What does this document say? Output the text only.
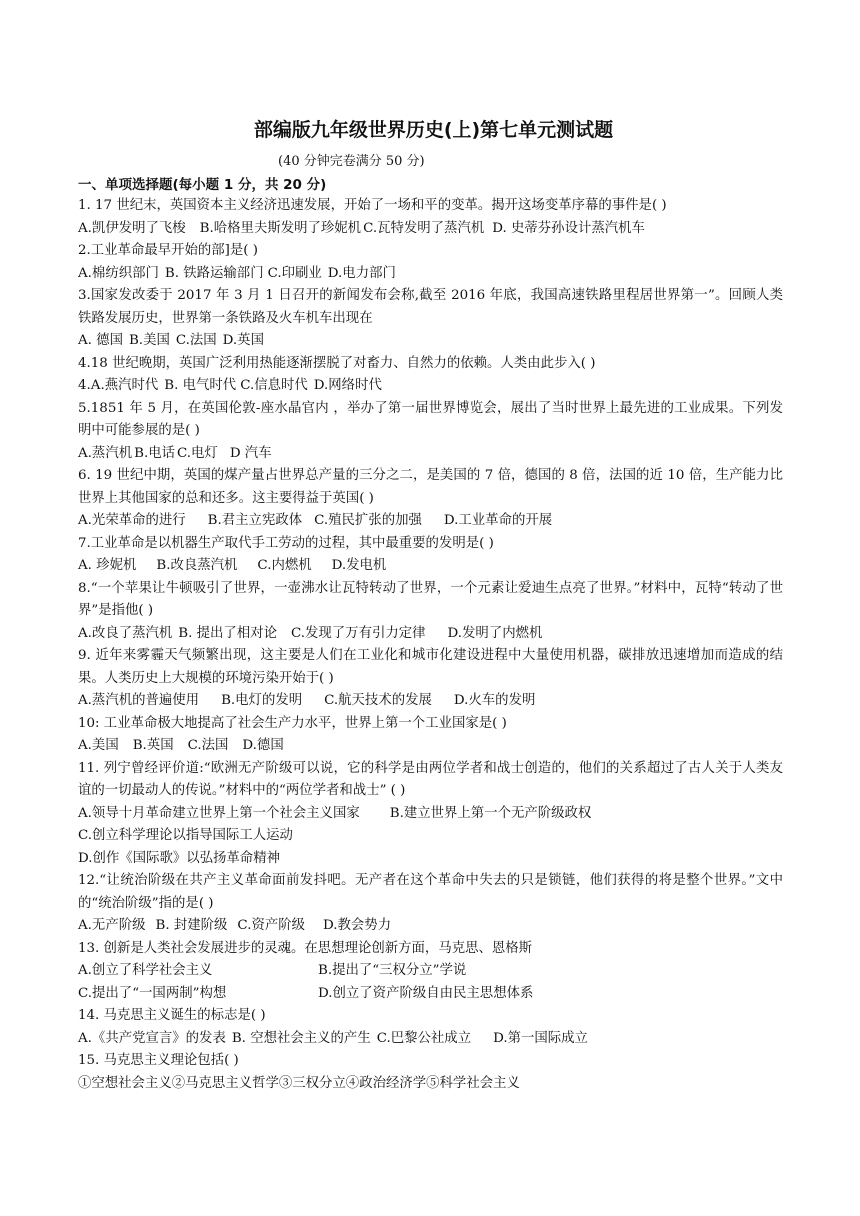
部编版九年级世界历史(上)第七单元测试题
(40 分钟完卷满分 50 分)
一、单项选择题(每小题 1 分，共 20 分)
1. 17 世纪末，英国资本主义经济迅速发展，开始了一场和平的变革。揭开这场变革序幕的事件是( )
A.凯伊发明了飞梭 B.哈格里夫斯发明了珍妮机 C.瓦特发明了蒸汽机 D. 史蒂芬孙设计蒸汽机车
2.工业革命最早开始的部]是( )
A.棉纺织部门 B. 铁路运输部门 C.印刷业 D.电力部门
3.国家发改委于 2017 年 3 月 1 日召开的新闻发布会称,截至 2016 年底，我国高速铁路里程居世界第一”。回顾人类铁路发展历史，世界第一条铁路及火车机车出现在
A. 德国 B.美国 C.法国 D.英国
4.18 世纪晚期，英国广泛利用热能逐渐摆脱了对畜力、自然力的依赖。人类由此步入( )
4.A.燕汽时代 B. 电气时代 C.信息时代 D.网络时代
5.1851 年 5 月，在英国伦敦-座水晶官内 ，举办了第一届世界博览会，展出了当时世界上最先进的工业成果。下列发明中可能参展的是( )
A.蒸汽机 B.电话 C.电灯 D 汽车
6. 19 世纪中期，英国的煤产量占世界总产量的三分之二，是美国的 7 倍，德国的 8 倍，法国的近 10 倍，生产能力比世界上其他国家的总和还多。这主要得益于英国( )
A.光荣革命的进行 B.君主立宪政体 C.殖民扩张的加强 D.工业革命的开展
7.工业革命是以机器生产取代手工劳动的过程，其中最重要的发明是( )
A. 珍妮机 B.改良蒸汽机 C.内燃机 D.发电机
8.“一个苹果让牛顿吸引了世界，一壶沸水让瓦特转动了世界，一个元素让爱迪生点亮了世界。”材料中，瓦特“转动了世界”是指他( )
A.改良了蒸汽机 B. 提出了相对论 C.发现了万有引力定律 D.发明了内燃机
9. 近年来雾霾天气频繁出现，这主要是人们在工业化和城市化建设进程中大量使用机器，碳排放迅速增加而造成的结果。人类历史上大规模的环境污染开始于( )
A.蒸汽机的普遍使用 B.电灯的发明 C.航天技术的发展 D.火车的发明
10: 工业革命极大地提高了社会生产力水平，世界上第一个工业国家是( )
A.美国 B.英国 C.法国 D.德国
11. 列宁曾经评价道:“欧洲无产阶级可以说，它的科学是由两位学者和战士创造的，他们的关系超过了古人关于人类友谊的一切最动人的传说。”材料中的“两位学者和战士” ( )
A.领导十月革命建立世界上第一个社会主义国家 B.建立世界上第一个无产阶级政权
C.创立科学理论以指导国际工人运动
D.创作《国际歌》以弘扬革命精神
12.“让统治阶级在共产主义革命面前发抖吧。无产者在这个革命中失去的只是锁链，他们获得的将是整个世界。”文中的“统治阶级”指的是( )
A.无产阶级 B. 封建阶级 C.资产阶级 D.教会势力
13. 创新是人类社会发展进步的灵魂。在思想理论创新方面，马克思、恩格斯
A.创立了科学社会主义	B.提出了“三权分立”学说
C.提出了“一国两制”构想	D.创立了资产阶级自由民主思想体系
14. 马克思主义诞生的标志是( )
A.《共产党宣言》的发表 B. 空想社会主义的产生 C.巴黎公社成立 D.第一国际成立
15. 马克思主义理论包括( )
①空想社会主义②马克思主义哲学③三权分立④政治经济学⑤科学社会主义
